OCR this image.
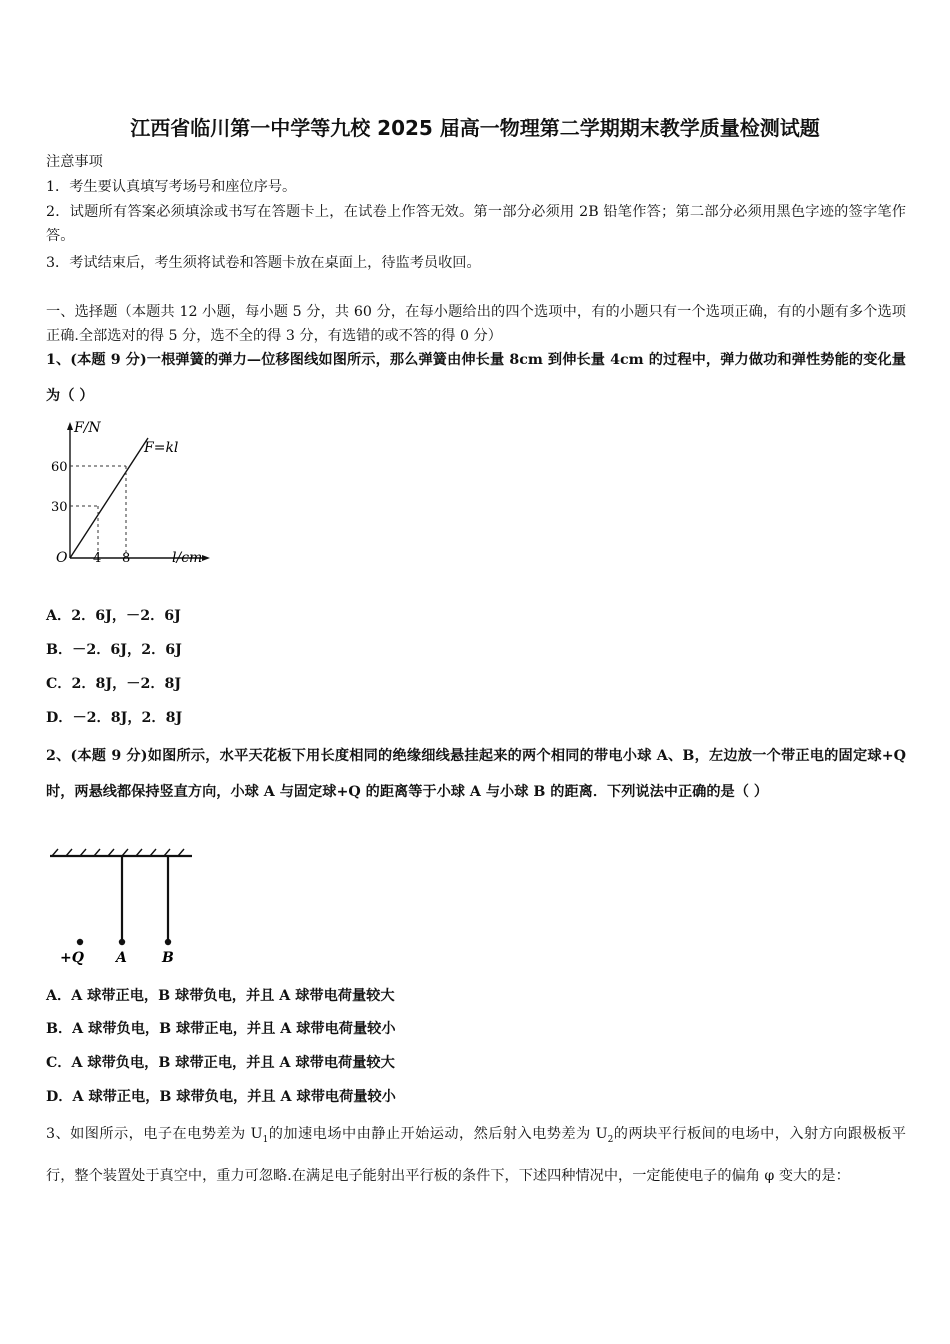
江西省临川第一中学等九校 2025 届高一物理第二学期期末教学质量检测试题
注意事项
1．考生要认真填写考场号和座位序号。
2．试题所有答案必须填涂或书写在答题卡上，在试卷上作答无效。第一部分必须用 2B 铅笔作答；第二部分必须用黑色字迹的签字笔作答。
3．考试结束后，考生须将试卷和答题卡放在桌面上，待监考员收回。
一、选择题（本题共 12 小题，每小题 5 分，共 60 分，在每小题给出的四个选项中，有的小题只有一个选项正确，有的小题有多个选项正确.全部选对的得 5 分，选不全的得 3 分，有选错的或不答的得 0 分）
1、(本题 9 分)一根弹簧的弹力—位移图线如图所示，那么弹簧由伸长量 8cm 到伸长量 4cm 的过程中，弹力做功和弹性势能的变化量为（ ）
F/N
F=kl
60
30
O 4 8	l/cm
A．2．6J，－2．6J
B．－2．6J，2．6J
C．2．8J，－2．8J
D．－2．8J，2．8J
2、(本题 9 分)如图所示，水平天花板下用长度相同的绝缘细线悬挂起来的两个相同的带电小球 A、B，左边放一个带正电的固定球+Q 时，两悬线都保持竖直方向，小球 A 与固定球+Q 的距离等于小球 A 与小球 B 的距离．下列说法中正确的是（ ）
+Q A	B
A．A 球带正电，B 球带负电，并且 A 球带电荷量较大
B．A 球带负电，B 球带正电，并且 A 球带电荷量较小
C．A 球带负电，B 球带正电，并且 A 球带电荷量较大
D．A 球带正电，B 球带负电，并且 A 球带电荷量较小
3、如图所示，电子在电势差为 $U_1$的加速电场中由静止开始运动，然后射入电势差为 $U_2$的两块平行板间的电场中，入射方向跟极板平行，整个装置处于真空中，重力可忽略.在满足电子能射出平行板的条件下，下述四种情况中，一定能使电子的偏角 φ 变大的是：
